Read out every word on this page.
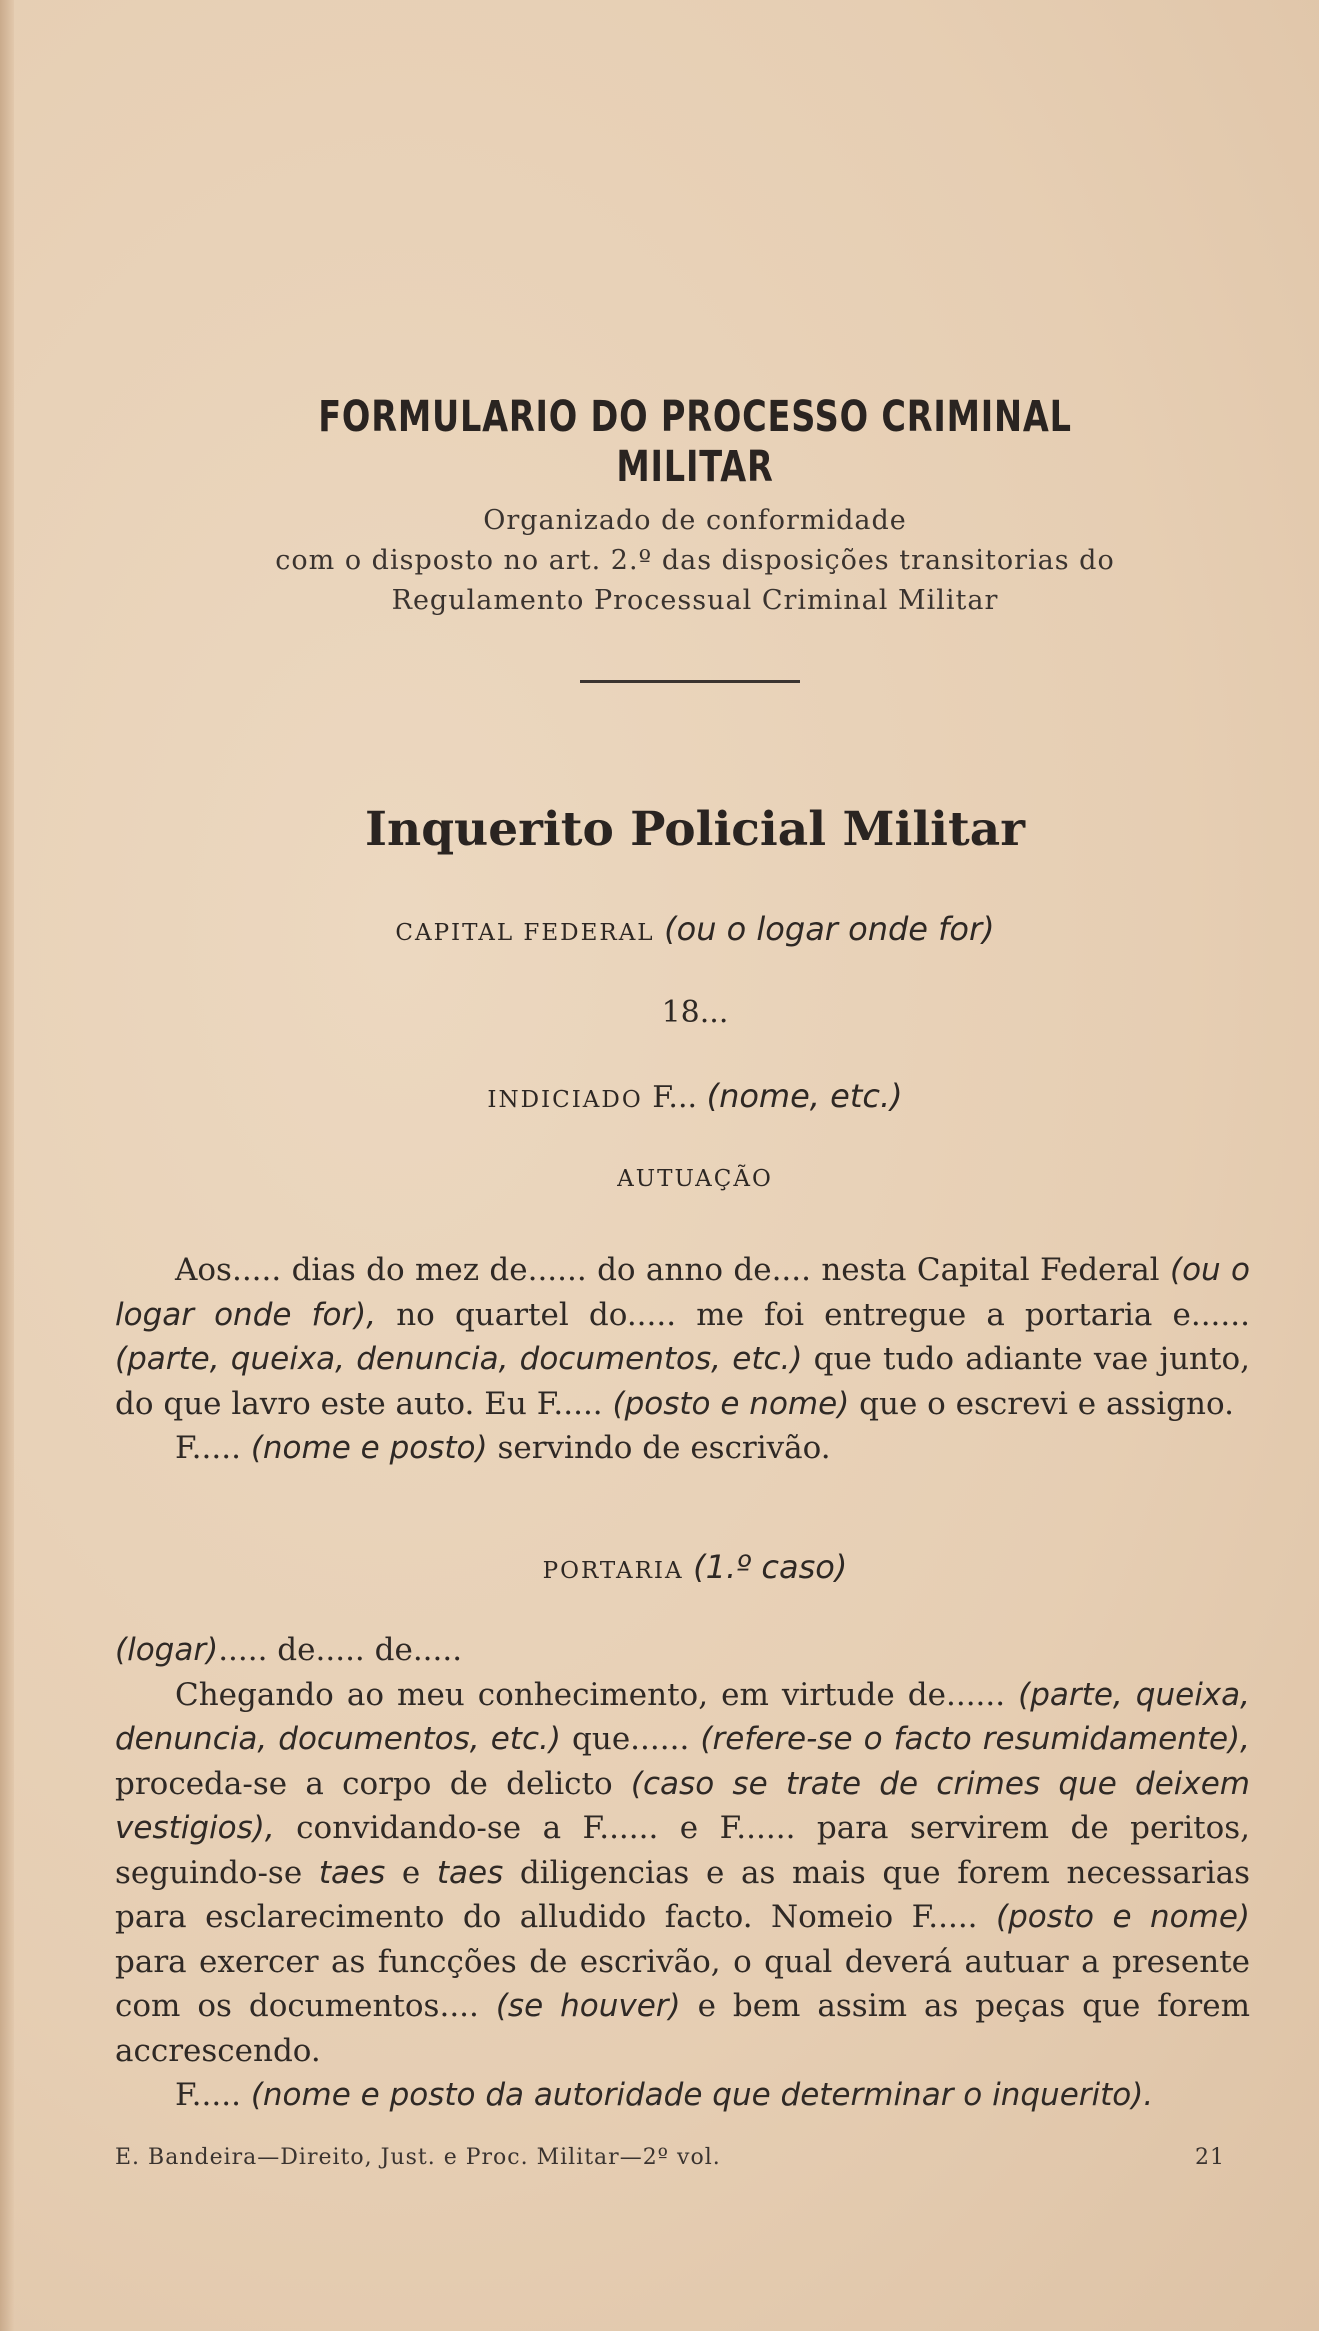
FORMULARIO DO PROCESSO CRIMINAL MILITAR
Organizado de conformidade
com o disposto no art. 2.º das disposições transitorias do
Regulamento Processual Criminal Militar
Inquerito Policial Militar
CAPITAL FEDERAL (ou o logar onde for)
18...
INDICIADO F... (nome, etc.)
AUTUAÇÃO

Aos..... dias do mez de...... do anno de.... nesta Capital Federal (ou o logar onde for), no quartel do..... me foi entregue a portaria e...... (parte, queixa, denuncia, documentos, etc.) que tudo adiante vae junto, do que lavro este auto. Eu F..... (posto e nome) que o escrevi e assigno.

F..... (nome e posto) servindo de escrivão.

PORTARIA (1.º caso)

(logar)..... de..... de.....

Chegando ao meu conhecimento, em virtude de...... (parte, queixa, denuncia, documentos, etc.) que...... (refere-se o facto resumidamente), proceda-se a corpo de delicto (caso se trate de crimes que deixem vestigios), convidando-se a F...... e F...... para servirem de peritos, seguindo-se taes e taes diligencias e as mais que forem necessarias para esclarecimento do alludido facto. Nomeio F..... (posto e nome) para exercer as funcções de escrivão, o qual deverá autuar a presente com os documentos.... (se houver) e bem assim as peças que forem accrescendo.

F..... (nome e posto da autoridade que determinar o inquerito).

E. Bandeira—Direito, Just. e Proc. Militar—2º vol.	21
